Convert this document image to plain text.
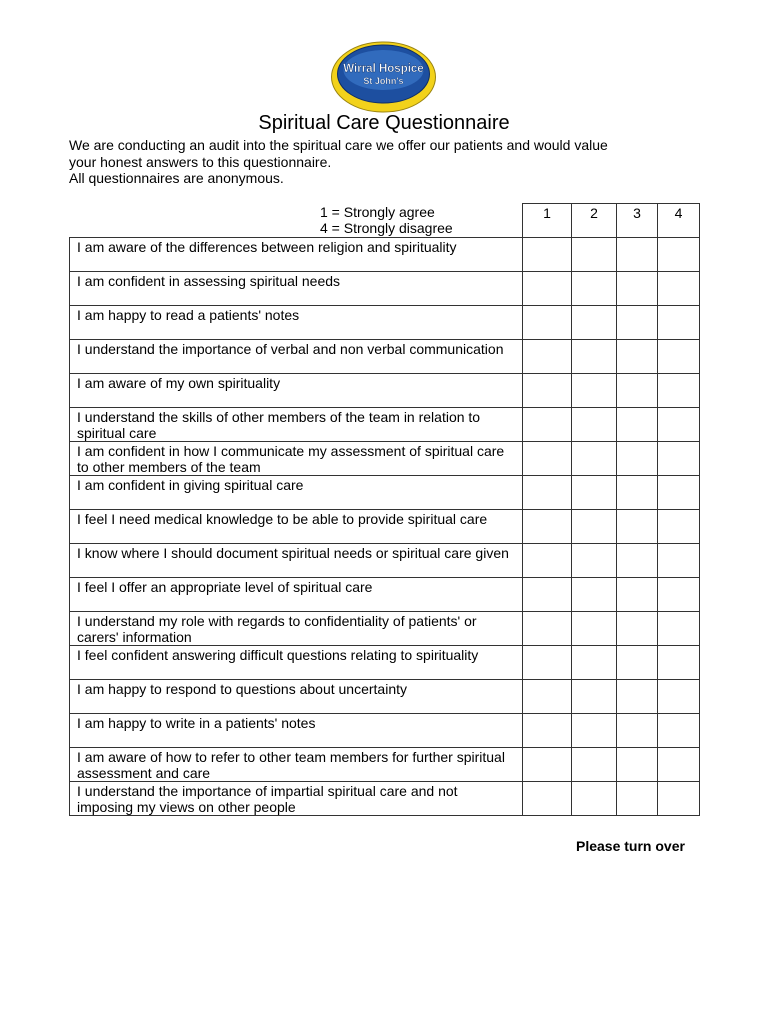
Wirral Hospice
St John's
Spiritual Care Questionnaire
We are conducting an audit into the spiritual care we offer our patients and would value
your honest answers to this questionnaire.
All questionnaires are anonymous.
1 = Strongly agree
4 = Strongly disagree
	1	2	3	4
I am aware of the differences between religion and spirituality				
I am confident in assessing spiritual needs				
I am happy to read a patients' notes				
I understand the importance of verbal and non verbal communication				
I am aware of my own spirituality				
I understand the skills of other members of the team in relation to spiritual care				
I am confident in how I communicate my assessment of spiritual care to other members of the team				
I am confident in giving spiritual care				
I feel I need medical knowledge to be able to provide spiritual care				
I know where I should document spiritual needs or spiritual care given				
I feel I offer an appropriate level of spiritual care				
I understand my role with regards to confidentiality of patients' or carers' information				
I feel confident answering difficult questions relating to spirituality				
I am happy to respond to questions about uncertainty				
I am happy to write in a patients' notes				
I am aware of how to refer to other team members for further spiritual assessment and care				
I understand the importance of impartial spiritual care and not imposing my views on other people				
Please turn over
